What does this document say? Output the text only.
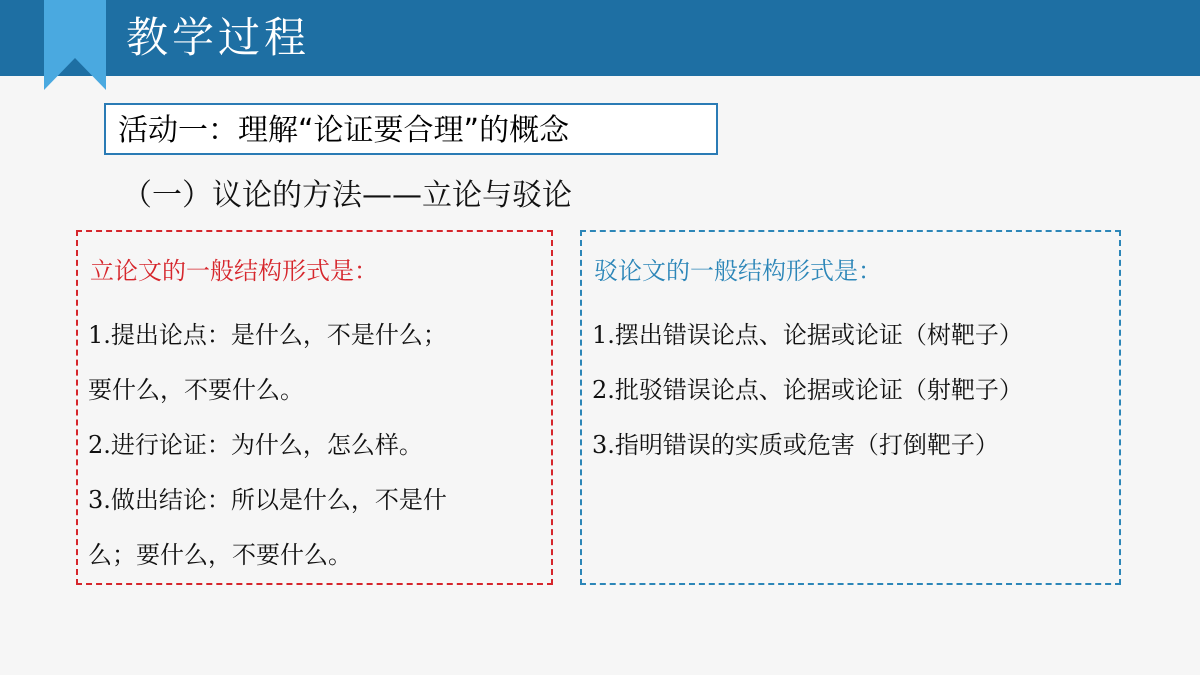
教学过程
活动一：理解“论证要合理”的概念
（一）议论的方法——立论与驳论
立论文的一般结构形式是：
1.提出论点：是什么，不是什么；
要什么，不要什么。
2.进行论证：为什么，怎么样。
3.做出结论：所以是什么，不是什
么；要什么，不要什么。
驳论文的一般结构形式是：
1.摆出错误论点、论据或论证（树靶子）
2.批驳错误论点、论据或论证（射靶子）
3.指明错误的实质或危害（打倒靶子）
